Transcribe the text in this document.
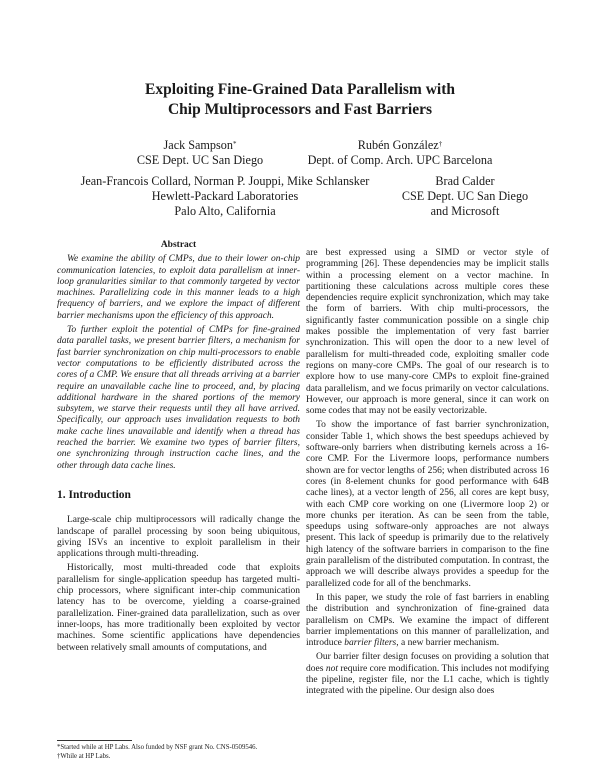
Exploiting Fine-Grained Data Parallelism with
Chip Multiprocessors and Fast Barriers
Jack Sampson*
CSE Dept. UC San Diego
Rubén González†
Dept. of Comp. Arch. UPC Barcelona
Jean-Francois Collard, Norman P. Jouppi, Mike Schlansker
Hewlett-Packard Laboratories
Palo Alto, California
Brad Calder
CSE Dept. UC San Diego
and Microsoft
Abstract

We examine the ability of CMPs, due to their lower on-chip communication latencies, to exploit data parallelism at inner-loop granularities similar to that commonly targeted by vector machines. Parallelizing code in this manner leads to a high frequency of barriers, and we explore the impact of different barrier mechanisms upon the efficiency of this approach.

To further exploit the potential of CMPs for fine-grained data parallel tasks, we present barrier filters, a mechanism for fast barrier synchronization on chip multi-processors to enable vector computations to be efficiently distributed across the cores of a CMP. We ensure that all threads arriving at a barrier require an unavailable cache line to proceed, and, by placing additional hardware in the shared portions of the memory subsytem, we starve their requests until they all have arrived. Specifically, our approach uses invalidation requests to both make cache lines unavailable and identify when a thread has reached the barrier. We examine two types of barrier filters, one synchronizing through instruction cache lines, and the other through data cache lines.

1. Introduction

Large-scale chip multiprocessors will radically change the landscape of parallel processing by soon being ubiquitous, giving ISVs an incentive to exploit parallelism in their applications through multi-threading.

Historically, most multi-threaded code that exploits parallelism for single-application speedup has targeted multi-chip processors, where significant inter-chip communication latency has to be overcome, yielding a coarse-grained parallelization. Finer-grained data parallelization, such as over inner-loops, has more traditionally been exploited by vector machines. Some scientific applications have dependencies between relatively small amounts of computations, and

are best expressed using a SIMD or vector style of programming [26]. These dependencies may be implicit stalls within a processing element on a vector machine. In partitioning these calculations across multiple cores these dependencies require explicit synchronization, which may take the form of barriers. With chip multi-processors, the significantly faster communication possible on a single chip makes possible the implementation of very fast barrier synchronization. This will open the door to a new level of parallelism for multi-threaded code, exploiting smaller code regions on many-core CMPs. The goal of our research is to explore how to use many-core CMPs to exploit fine-grained data parallelism, and we focus primarily on vector calculations. However, our approach is more general, since it can work on some codes that may not be easily vectorizable.

To show the importance of fast barrier synchronization, consider Table 1, which shows the best speedups achieved by software-only barriers when distributing kernels across a 16-core CMP. For the Livermore loops, performance numbers shown are for vector lengths of 256; when distributed across 16 cores (in 8-element chunks for good performance with 64B cache lines), at a vector length of 256, all cores are kept busy, with each CMP core working on one (Livermore loop 2) or more chunks per iteration. As can be seen from the table, speedups using software-only approaches are not always present. This lack of speedup is primarily due to the relatively high latency of the software barriers in comparison to the fine grain parallelism of the distributed computation. In contrast, the approach we will describe always provides a speedup for the parallelized code for all of the benchmarks.

In this paper, we study the role of fast barriers in enabling the distribution and synchronization of fine-grained data parallelism on CMPs. We examine the impact of different barrier implementations on this manner of parallelization, and introduce barrier filters, a new barrier mechanism.

Our barrier filter design focuses on providing a solution that does not require core modification. This includes not modifying the pipeline, register file, nor the L1 cache, which is tightly integrated with the pipeline. Our design also does

*Started while at HP Labs. Also funded by NSF grant No. CNS-0509546.
†While at HP Labs.
